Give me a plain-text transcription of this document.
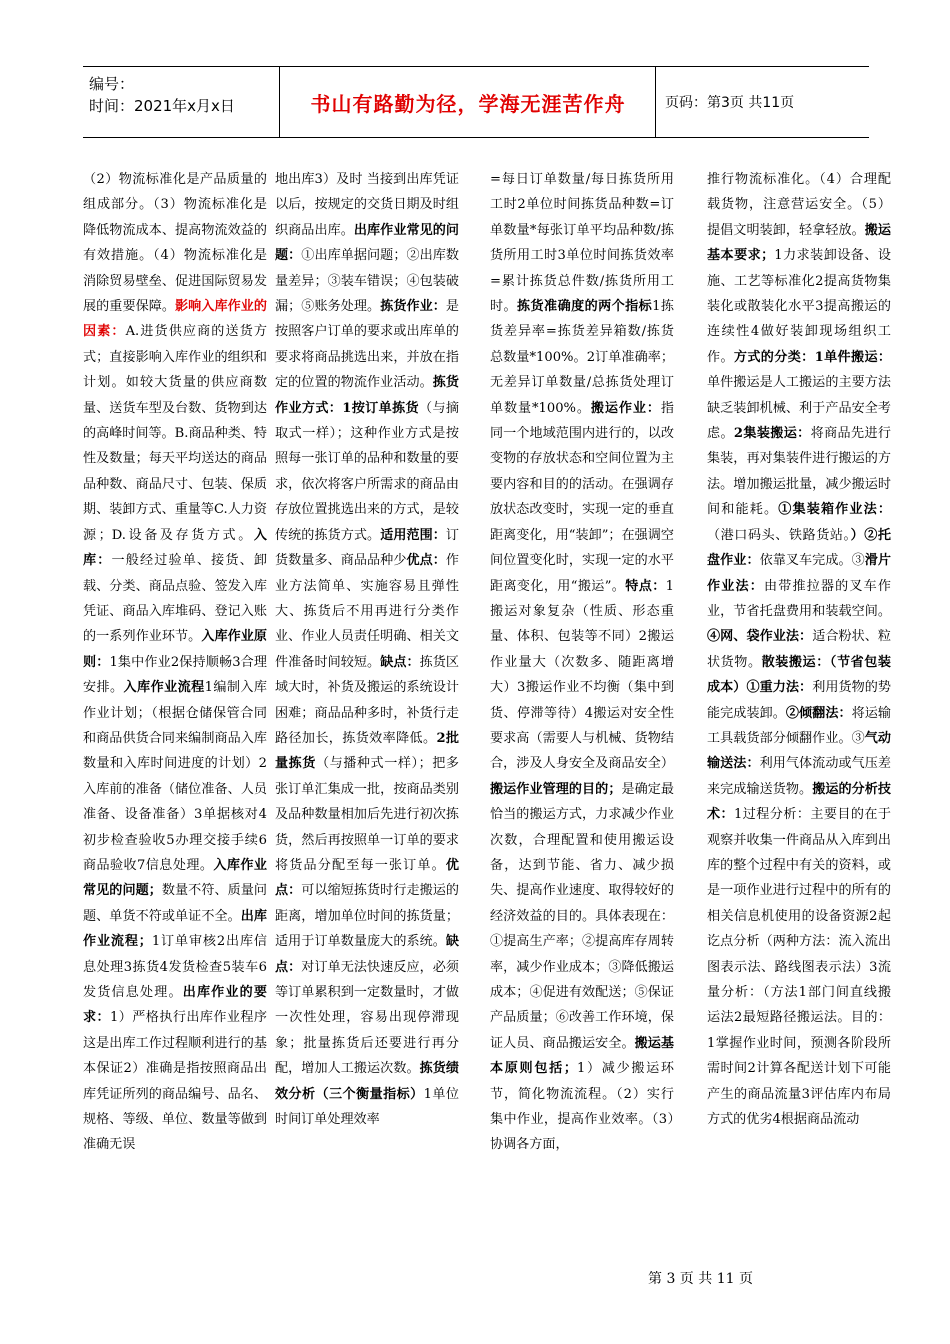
编号：
时间：2021年x月x日	书山有路勤为径，学海无涯苦作舟	页码：第3页 共11页
（2）物流标准化是产品质量的组成部分。（3）物流标准化是降低物流成本、提高物流效益的有效措施。（4）物流标准化是消除贸易壁垒、促进国际贸易发展的重要保障。影响入库作业的因素：A.进货供应商的送货方式；直接影响入库作业的组织和计划。如较大货量的供应商数量、送货车型及台数、货物到达的高峰时间等。B.商品种类、特性及数量；每天平均送达的商品品种数、商品尺寸、包装、保质期、装卸方式、重量等C.人力资源；D.设备及存货方式。入库：一般经过验单、接货、卸载、分类、商品点验、签发入库凭证、商品入库堆码、登记入账的一系列作业环节。入库作业原则：1集中作业2保持顺畅3合理安排。入库作业流程1编制入库作业计划；（根据仓储保管合同和商品供货合同来编制商品入库数量和入库时间进度的计划）2入库前的准备（储位准备、人员准备、设备准备）3单据核对4初步检查验收5办理交接手续6商品验收7信息处理。入库作业常见的问题；数量不符、质量问题、单货不符或单证不全。出库作业流程；1订单审核2出库信息处理3拣货4发货检查5装车6发货信息处理。出库作业的要求：1）严格执行出库作业程序这是出库工作过程顺利进行的基本保证2）准确是指按照商品出库凭证所列的商品编号、品名、规格、等级、单位、数量等做到准确无误
地出库3）及时 当接到出库凭证以后，按规定的交货日期及时组织商品出库。出库作业常见的问题：①出库单据问题；②出库数量差异；③装车错误；④包装破漏；⑤账务处理。拣货作业：是按照客户订单的要求或出库单的要求将商品挑选出来，并放在指定的位置的物流作业活动。拣货作业方式：1按订单拣货（与摘取式一样）；这种作业方式是按照每一张订单的品种和数量的要求，依次将客户所需求的商品由存放位置挑选出来的方式，是较传统的拣货方式。适用范围：订货数量多、商品品种少优点：作业方法简单、实施容易且弹性大、拣货后不用再进行分类作业、作业人员责任明确、相关文件准备时间较短。缺点：拣货区域大时，补货及搬运的系统设计困难；商品品种多时，补货行走路径加长，拣货效率降低。2批量拣货（与播种式一样）；把多张订单汇集成一批，按商品类别及品种数量相加后先进行初次拣货，然后再按照单一订单的要求将货品分配至每一张订单。优点：可以缩短拣货时行走搬运的距离，增加单位时间的拣货量；适用于订单数量庞大的系统。缺点：对订单无法快速反应，必须等订单累积到一定数量时，才做一次性处理，容易出现停滞现象；批量拣货后还要进行再分配，增加人工搬运次数。拣货绩效分析（三个衡量指标）1单位时间订单处理效率
=每日订单数量/每日拣货所用工时2单位时间拣货品种数=订单数量*每张订单平均品种数/拣货所用工时3单位时间拣货效率=累计拣货总件数/拣货所用工时。拣货准确度的两个指标1拣货差异率=拣货差异箱数/拣货总数量*100%。2订单准确率；无差异订单数量/总拣货处理订单数量*100%。搬运作业：指同一个地域范围内进行的，以改变物的存放状态和空间位置为主要内容和目的的活动。在强调存放状态改变时，实现一定的垂直距离变化，用“装卸”；在强调空间位置变化时，实现一定的水平距离变化，用“搬运”。特点：1搬运对象复杂（性质、形态重量、体积、包装等不同）2搬运作业量大（次数多、随距离增大）3搬运作业不均衡（集中到货、停滞等待）4搬运对安全性要求高（需要人与机械、货物结合，涉及人身安全及商品安全）搬运作业管理的目的；是确定最恰当的搬运方式，力求减少作业次数，合理配置和使用搬运设备，达到节能、省力、减少损失、提高作业速度、取得较好的经济效益的目的。具体表现在：①提高生产率；②提高库存周转率，减少作业成本；③降低搬运成本；④促进有效配送；⑤保证产品质量；⑥改善工作环境，保证人员、商品搬运安全。搬运基本原则包括；1）减少搬运环节，简化物流流程。（2）实行集中作业，提高作业效率。（3）协调各方面，
推行物流标准化。（4）合理配载货物，注意营运安全。（5）提倡文明装卸，轻拿轻放。搬运基本要求；1力求装卸设备、设施、工艺等标准化2提高货物集装化或散装化水平3提高搬运的连续性4做好装卸现场组织工作。方式的分类：1单件搬运：单件搬运是人工搬运的主要方法缺乏装卸机械、利于产品安全考虑。2集装搬运：将商品先进行集装，再对集装件进行搬运的方法。增加搬运批量，减少搬运时间和能耗。①集装箱作业法：（港口码头、铁路货站。）②托盘作业：依靠叉车完成。③滑片作业法：由带推拉器的叉车作业，节省托盘费用和装载空间。④网、袋作业法：适合粉状、粒状货物。散装搬运：（节省包装成本）①重力法：利用货物的势能完成装卸。②倾翻法：将运输工具载货部分倾翻作业。③气动输送法：利用气体流动或气压差来完成输送货物。搬运的分析技术：1过程分析：主要目的在于观察并收集一件商品从入库到出库的整个过程中有关的资料，或是一项作业进行过程中的所有的相关信息机使用的设备资源2起讫点分析（两种方法：流入流出图表示法、路线图表示法）3流量分析：（方法1部门间直线搬运法2最短路径搬运法。目的：1掌握作业时间，预测各阶段所需时间2计算各配送计划下可能产生的商品流量3评估库内布局方式的优劣4根据商品流动
第 3 页 共 11 页
